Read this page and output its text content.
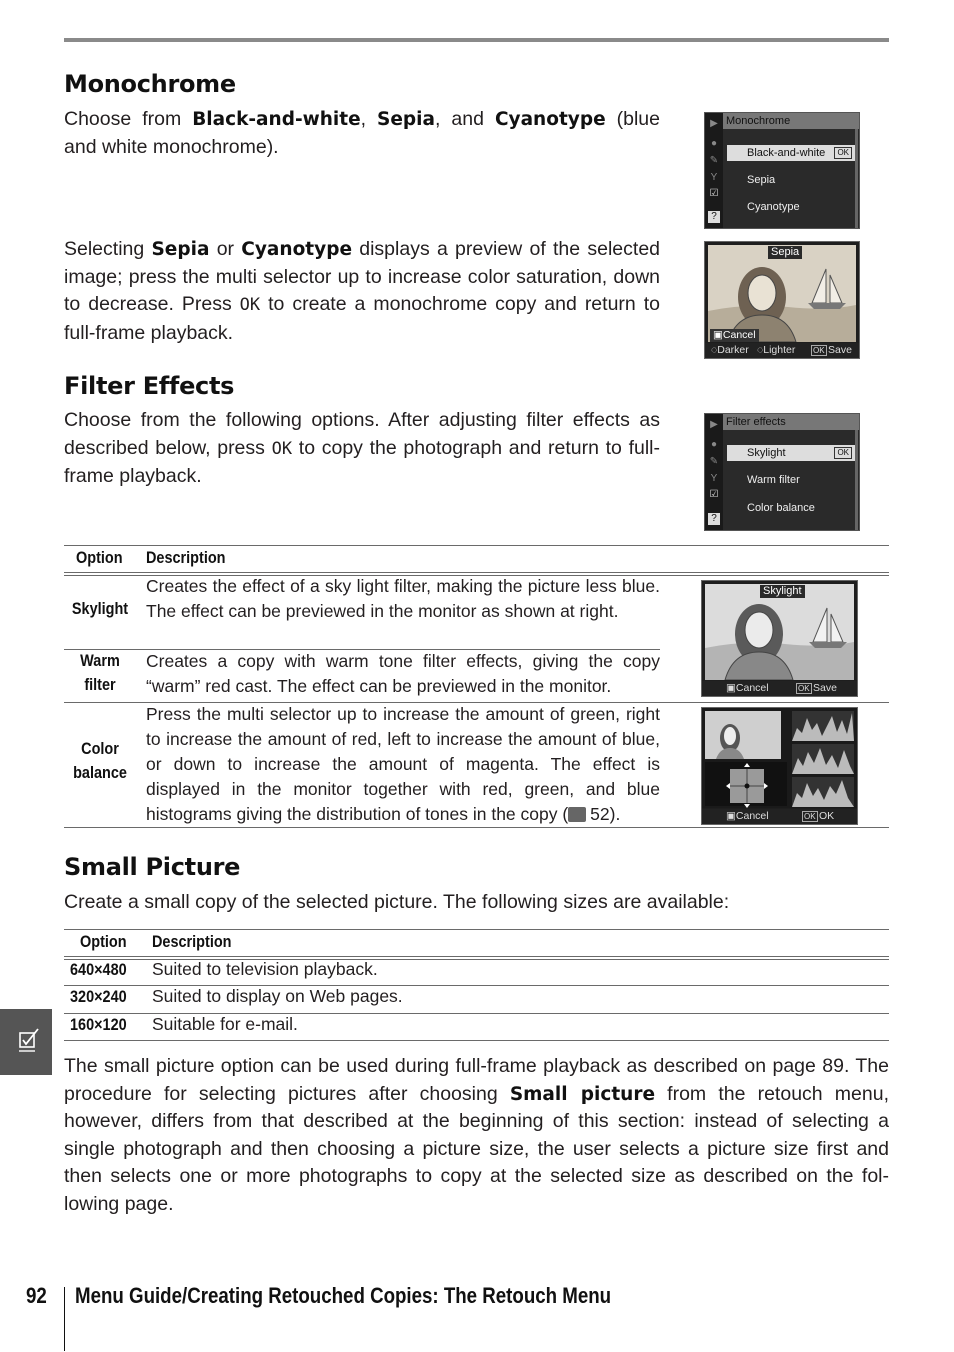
Monochrome

Choose from Black-and-white, Sepia, and Cyanotype (blue and white monochrome).

▶
●
✎
Y
☑
?
Monochrome
Black-and-white	OK
Sepia
Cyanotype

Selecting Sepia or Cyanotype displays a preview of the selected image; press the multi selector up to increase color saturation, down to decrease. Press OK to create a monochrome copy and return to full-frame playback.

Sepia
▣Cancel
◌Darker ◌Lighter OK Save
Filter Effects

Choose from the following options. After adjusting filter effects as described below, press OK to copy the photograph and return to full-frame playback.

▶
●
✎
Y
☑
?
Filter effects
Skylight	OK
Warm filter
Color balance
Option Description
Skylight

Creates the effect of a sky light filter, making the picture less blue. The effect can be previewed in the monitor as shown at right.

Warm filter

Creates a copy with warm tone filter effects, giving the copy “warm” red cast. The effect can be previewed in the monitor.

Color balance

Press the multi selector up to increase the amount of green, right to increase the amount of red, left to increase the amount of blue, or down to increase the amount of magenta. The effect is displayed in the monitor together with red, green, and blue histograms giving the distribution of tones in the copy ( 52).

Skylight
▣Cancel	OK Save
▣Cancel	OK OK
Small Picture

Create a small copy of the selected picture. The following sizes are available:

Option Description
640×480 Suited to television playback.

320×240 Suited to display on Web pages.

160×120 Suitable for e-mail.

The small picture option can be used during full-frame playback as described on page 89. The procedure for selecting pictures after choosing Small picture from the retouch menu, however, differs from that described at the beginning of this section: instead of selecting a single photograph and then choosing a picture size, the user selects a picture size first and then selects one or more photographs to copy at the selected size as described on the fol-lowing page.

92 Menu Guide/Creating Retouched Copies: The Retouch Menu
